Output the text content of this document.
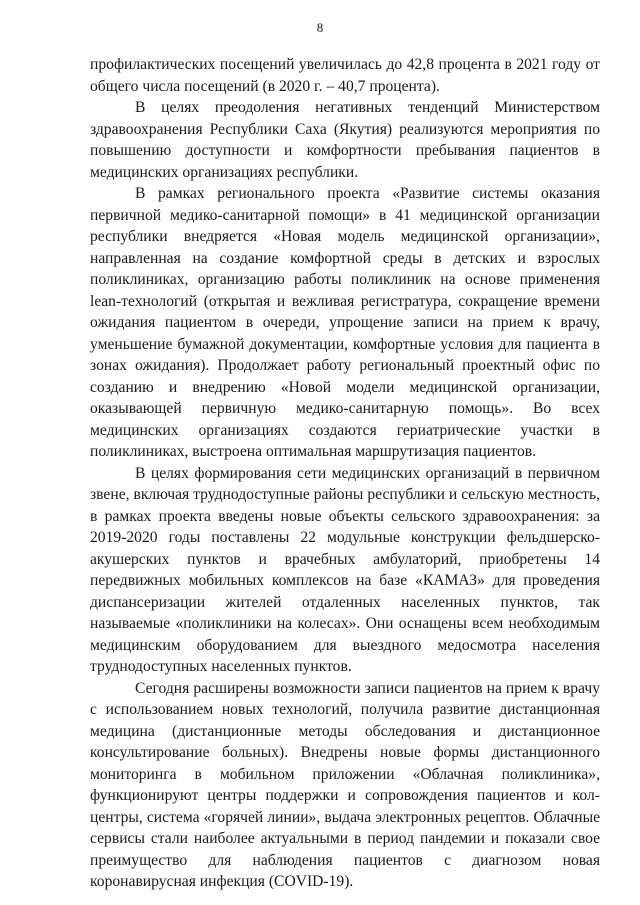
8

профилактических посещений увеличилась до 42,8 процента в 2021 году от общего числа посещений (в 2020 г. – 40,7 процента).

В целях преодоления негативных тенденций Министерством здравоохранения Республики Саха (Якутия) реализуются мероприятия по повышению доступности и комфортности пребывания пациентов в медицинских организациях республики.

В рамках регионального проекта «Развитие системы оказания первичной медико-санитарной помощи» в 41 медицинской организации республики внедряется «Новая модель медицинской организации», направленная на создание комфортной среды в детских и взрослых поликлиниках, организацию работы поликлиник на основе применения lean-технологий (открытая и вежливая регистратура, сокращение времени ожидания пациентом в очереди, упрощение записи на прием к врачу, уменьшение бумажной документации, комфортные условия для пациента в зонах ожидания). Продолжает работу региональный проектный офис по созданию и внедрению «Новой модели медицинской организации, оказывающей первичную медико-санитарную помощь». Во всех медицинских организациях создаются гериатрические участки в поликлиниках, выстроена оптимальная маршрутизация пациентов.

В целях формирования сети медицинских организаций в первичном звене, включая труднодоступные районы республики и сельскую местность, в рамках проекта введены новые объекты сельского здравоохранения: за 2019-2020 годы поставлены 22 модульные конструкции фельдшерско-акушерских пунктов и врачебных амбулаторий, приобретены 14 передвижных мобильных комплексов на базе «КАМАЗ» для проведения диспансеризации жителей отдаленных населенных пунктов, так называемые «поликлиники на колесах». Они оснащены всем необходимым медицинским оборудованием для выездного медосмотра населения труднодоступных населенных пунктов.

Сегодня расширены возможности записи пациентов на прием к врачу с использованием новых технологий, получила развитие дистанционная медицина (дистанционные методы обследования и дистанционное консультирование больных). Внедрены новые формы дистанционного мониторинга в мобильном приложении «Облачная поликлиника», функционируют центры поддержки и сопровождения пациентов и кол-центры, система «горячей линии», выдача электронных рецептов. Облачные сервисы стали наиболее актуальными в период пандемии и показали свое преимущество для наблюдения пациентов с диагнозом новая коронавирусная инфекция (COVID-19).
